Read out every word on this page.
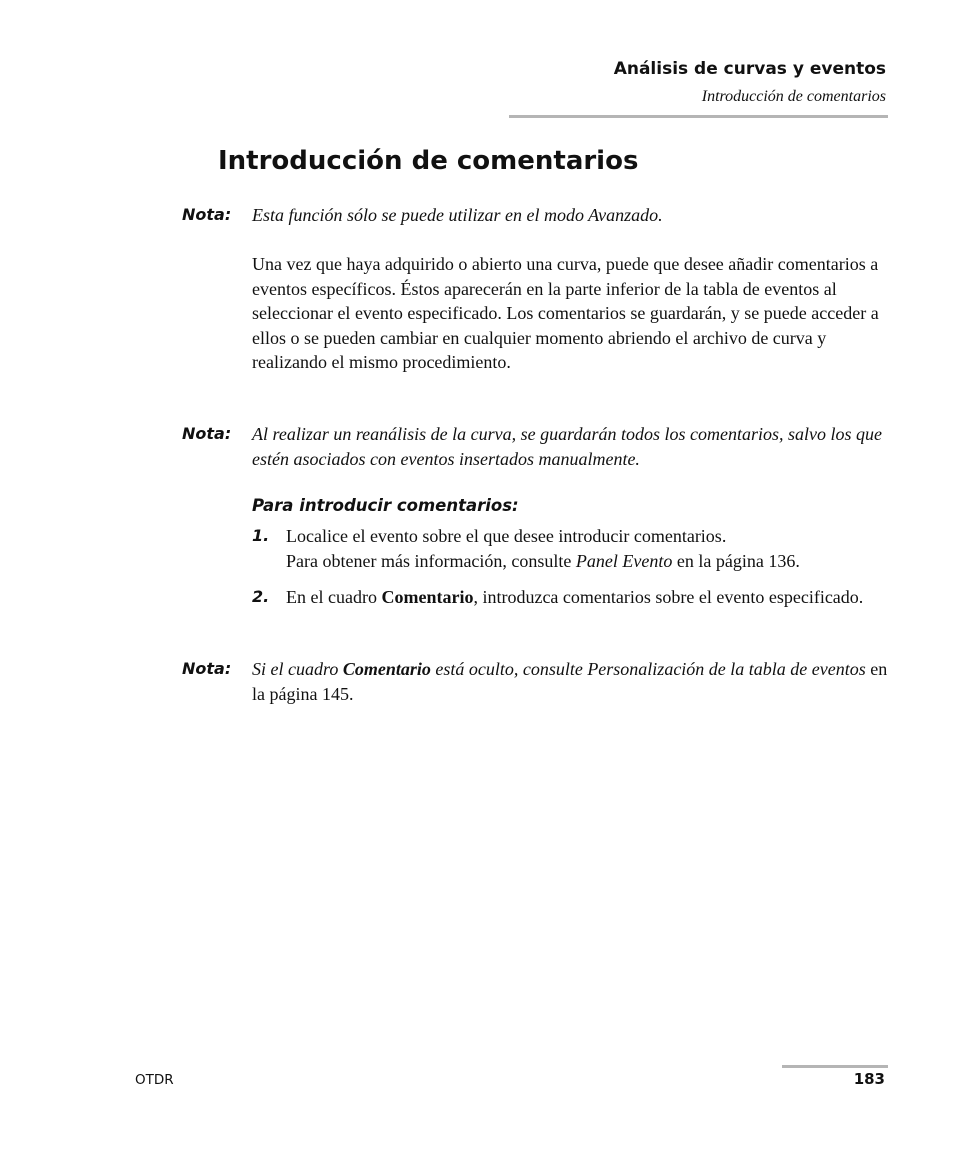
Análisis de curvas y eventos
Introducción de comentarios
Introducción de comentarios
Nota: Esta función sólo se puede utilizar en el modo Avanzado.
Una vez que haya adquirido o abierto una curva, puede que desee añadir comentarios a eventos específicos. Éstos aparecerán en la parte inferior de la tabla de eventos al seleccionar el evento especificado. Los comentarios se guardarán, y se puede acceder a ellos o se pueden cambiar en cualquier momento abriendo el archivo de curva y realizando el mismo procedimiento.
Nota: Al realizar un reanálisis de la curva, se guardarán todos los comentarios, salvo los que estén asociados con eventos insertados manualmente.
Para introducir comentarios:
1. Localice el evento sobre el que desee introducir comentarios.
Para obtener más información, consulte Panel Evento en la página 136.
2. En el cuadro Comentario, introduzca comentarios sobre el evento especificado.
Nota: Si el cuadro Comentario está oculto, consulte Personalización de la tabla de eventos en la página 145.
OTDR	183
